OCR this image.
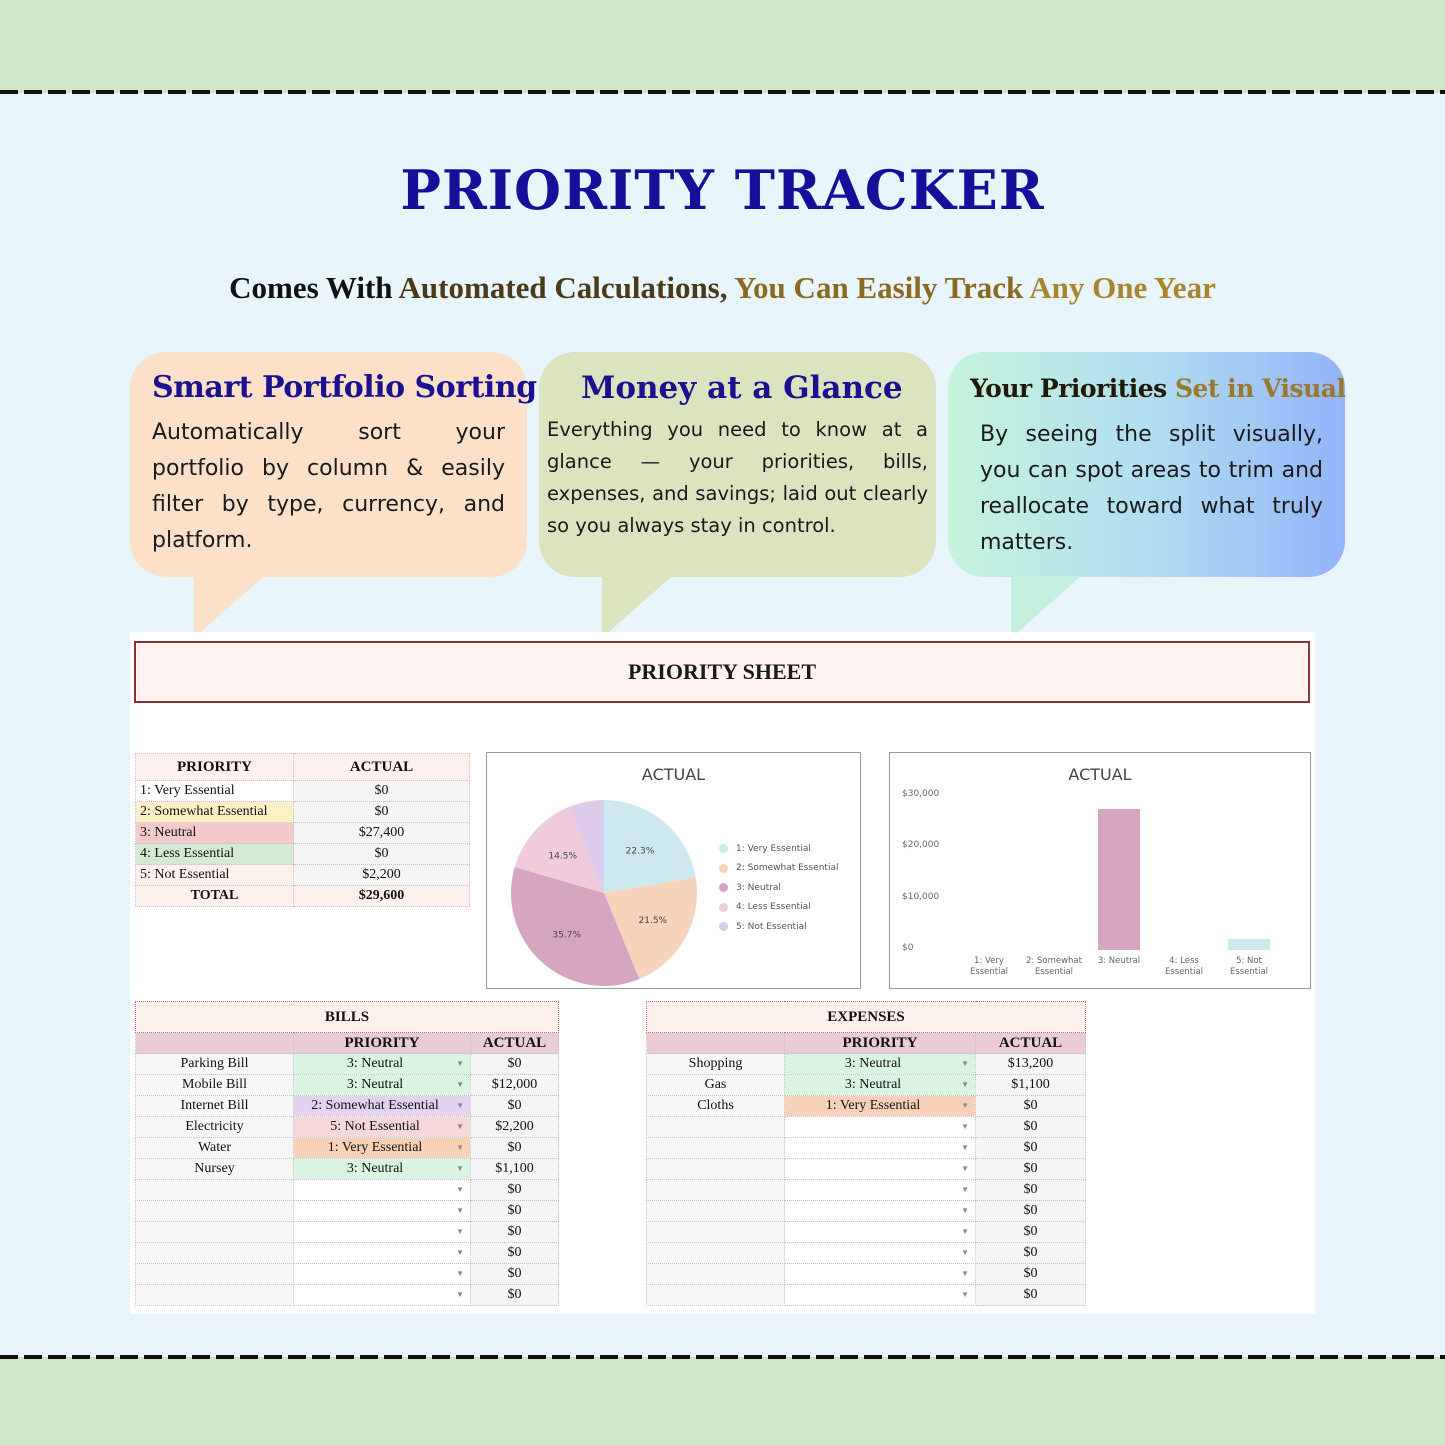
PRIORITY TRACKER
Comes With Automated Calculations, You Can Easily Track Any One Year
Smart Portfolio Sorting

Automatically sort your portfolio by column & easily filter by type, currency, and platform.

Money at a Glance

Everything you need to know at a glance — your priorities, bills, expenses, and savings; laid out clearly so you always stay in control.

Your Priorities Set in Visual

By seeing the split visually, you can spot areas to trim and reallocate toward what truly matters.

PRIORITY SHEET
PRIORITY	ACTUAL
1: Very Essential	$0
2: Somewhat Essential	$0
3: Neutral	$27,400
4: Less Essential	$0
5: Not Essential	$2,200
TOTAL	$29,600
ACTUAL
22.3%
21.5%
35.7%
14.5%
1: Very Essential
2: Somewhat Essential
3: Neutral
4: Less Essential
5: Not Essential
ACTUAL
$0
$10,000
$20,000
$30,000
1: Very Essential
2: Somewhat Essential
3: Neutral	4: Less Essential
5: Not Essential
BILLS		
	PRIORITY	ACTUAL
Parking Bill	3: Neutral ▼	$0
Mobile Bill	3: Neutral ▼	$12,000
Internet Bill	2: Somewhat Essential ▼	$0
Electricity	5: Not Essential ▼	$2,200
Water	1: Very Essential ▼	$0
Nursey	3: Neutral ▼	$1,100

	▼	$0

	▼	$0

	▼	$0

	▼	$0

	▼	$0

	▼	$0
EXPENSES		
	PRIORITY	ACTUAL
Shopping	3: Neutral ▼	$13,200
Gas	3: Neutral ▼	$1,100
Cloths	1: Very Essential ▼	$0

	▼	$0

	▼	$0

	▼	$0

	▼	$0

	▼	$0

	▼	$0

	▼	$0

	▼	$0

	▼	$0
